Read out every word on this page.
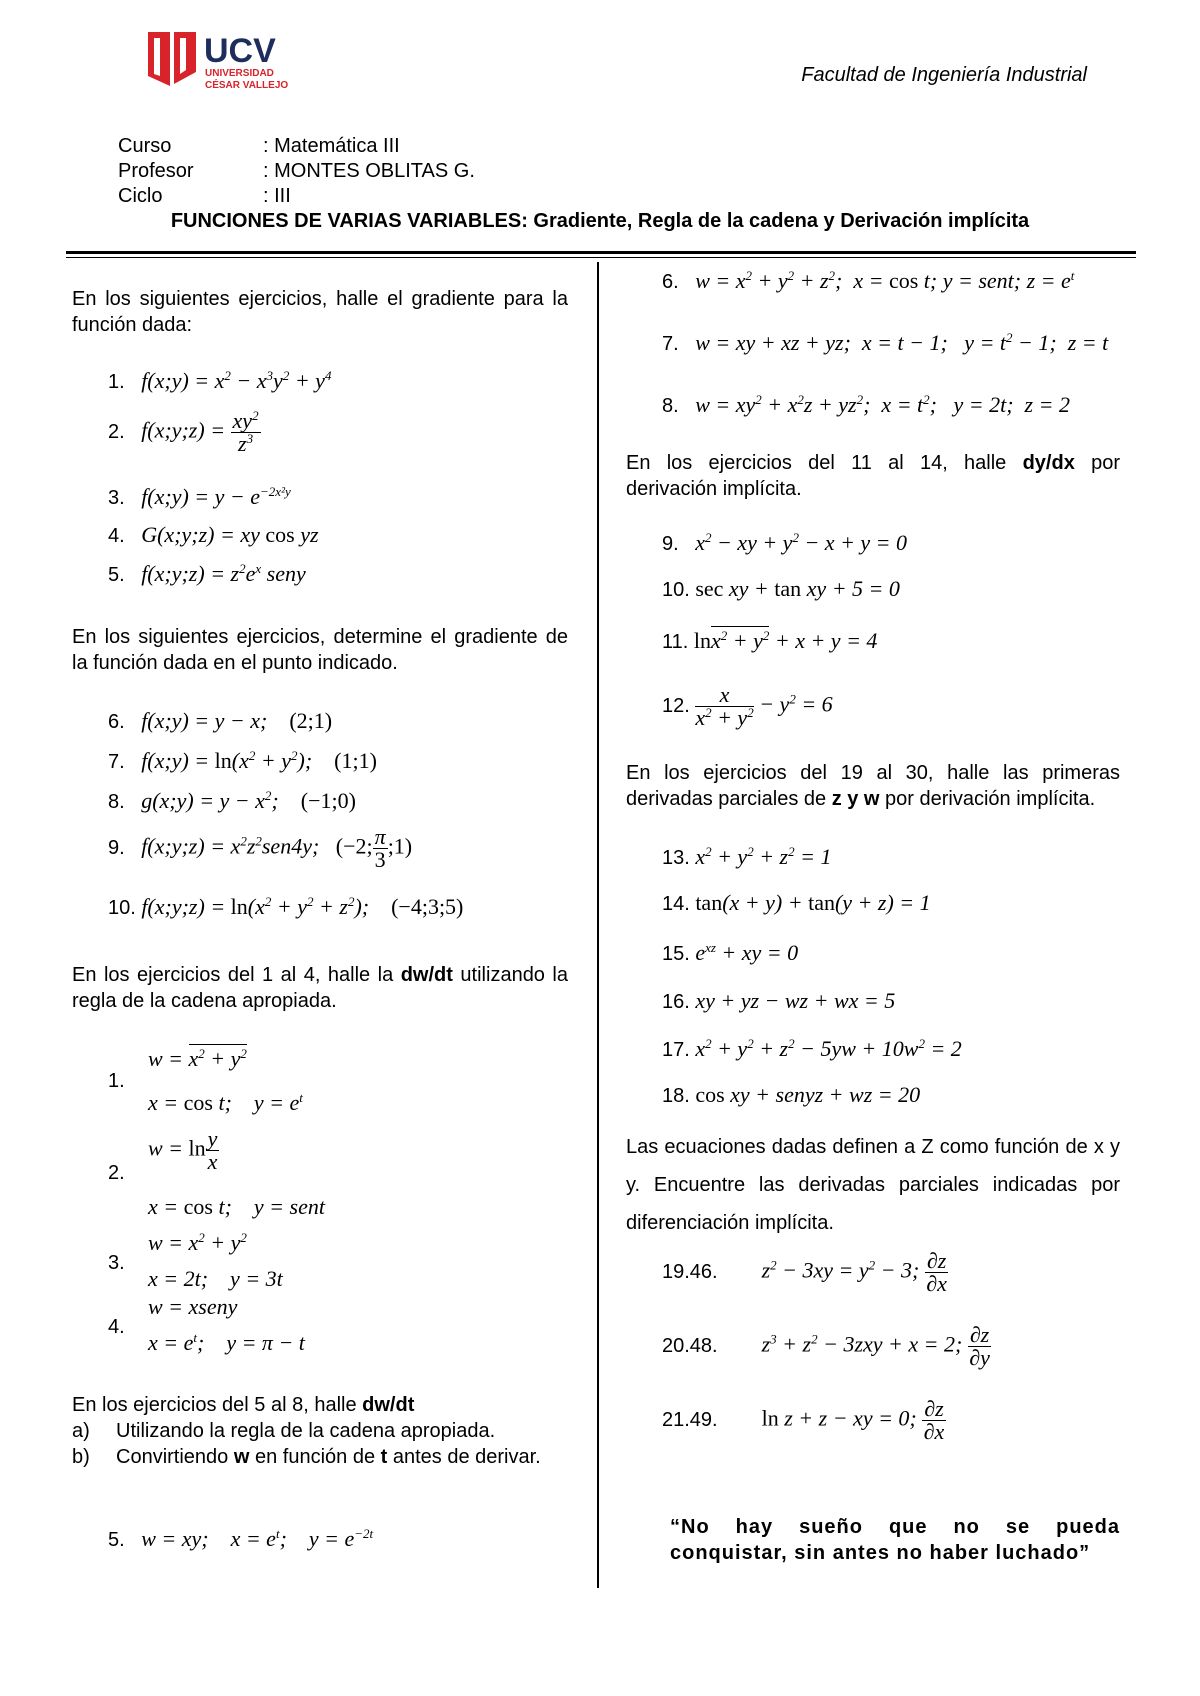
UCV
UNIVERSIDAD
CÉSAR VALLEJO	Facultad de Ingeniería Industrial
Curso	: Matemática III
Profesor	: MONTES OBLITAS G.
Ciclo	: III
FUNCIONES DE VARIAS VARIABLES: Gradiente, Regla de la cadena y Derivación implícita
En los siguientes ejercicios, halle el gradiente para la función dada:
1.   f(x;y) = $x^2 - x^3y^2 + y^4$
2.   f(x;y;z) = $\frac{xy^2}{z^3}$
3.   f(x;y) = $y - e^{-2x^2y}$
4.   G(x;y;z) = xy cos yz
5.   f(x;y;z) = $z^2e^x$ seny
En los siguientes ejercicios, determine el gradiente de la función dada en el punto indicado.
6.   f(x;y) = y − x;    (2;1)
7.   f(x;y) = $\ln(x^2 + y^2)$;    (1;1)
8.   g(x;y) = $y - x^2$;    (−1;0)
9.   f(x;y;z) = $x^2z^2sen4y$;   (−2; $\frac{\pi}{3}$ ;1)
10. f(x;y;z) = $\ln(x^2 + y^2 + z^2)$;    (−4;3;5)
En los ejercicios del 1 al 4, halle la dw/dt utilizando la regla de la cadena apropiada.
1.
$w = x^2 + y^2$
x = cos t;    $y = e^t$
2.
$w = \ln \frac{y}{x}$
x = cos t;    y = sent
3.
$w = x^2 + y^2$
x = 2t;    y = 3t
4.
w = xseny
$x = e^t$;    y = π − t
En los ejercicios del 5 al 8, halle dw/dt
a)	Utilizando la regla de la cadena apropiada.
b)	Convirtiendo w en función de t antes de derivar.
5.   w = xy;    $x = e^t$;    $y = e^{-2t}$
6.   $w = x^2 + y^2 + z^2$;  x = cos t; y = sent; $z = e^t$
7.   w = xy + xz + yz;  x = t − 1;   $y = t^2 - 1$;  z = t
8.   $w = xy^2 + x^2z + yz^2$;  $x = t^2$;   y = 2t;  z = 2
En los ejercicios del 11 al 14, halle dy/dx por derivación implícita.
9.   $x^2$ − xy + $y^2 - x + y = 0$
10. sec xy + tan xy + 5 = 0
11. $\ln x^2 + y^2 + x + y = 4$
12. $\frac{x}{x^2 + y^2} - y^2 = 6$
En los ejercicios del 19 al 30, halle las primeras derivadas parciales de z y w por derivación implícita.
13. $x^2 + y^2 + z^2 = 1$
14. tan(x + y) + tan(y + z) = 1
15. $e^{xz}$ + xy = 0
16. xy + yz − wz + wx = 5
17. $x^2 + y^2 + z^2 - 5yw + 10w^2 = 2$
18. cos xy + senyz + wz = 20
Las ecuaciones dadas definen a Z como función de x y y. Encuentre las derivadas parciales indicadas por diferenciación implícita.
19.46.        $z^2 - 3xy = y^2 - 3$; $\frac{\partial z}{\partial x}$
20.48.        $z^3 + z^2 - 3zxy + x = 2$; $\frac{\partial z}{\partial y}$
21.49. ln z + z − xy = 0; $\frac{\partial z}{\partial x}$
“No hay sueño que no se pueda conquistar, sin antes no haber luchado”
